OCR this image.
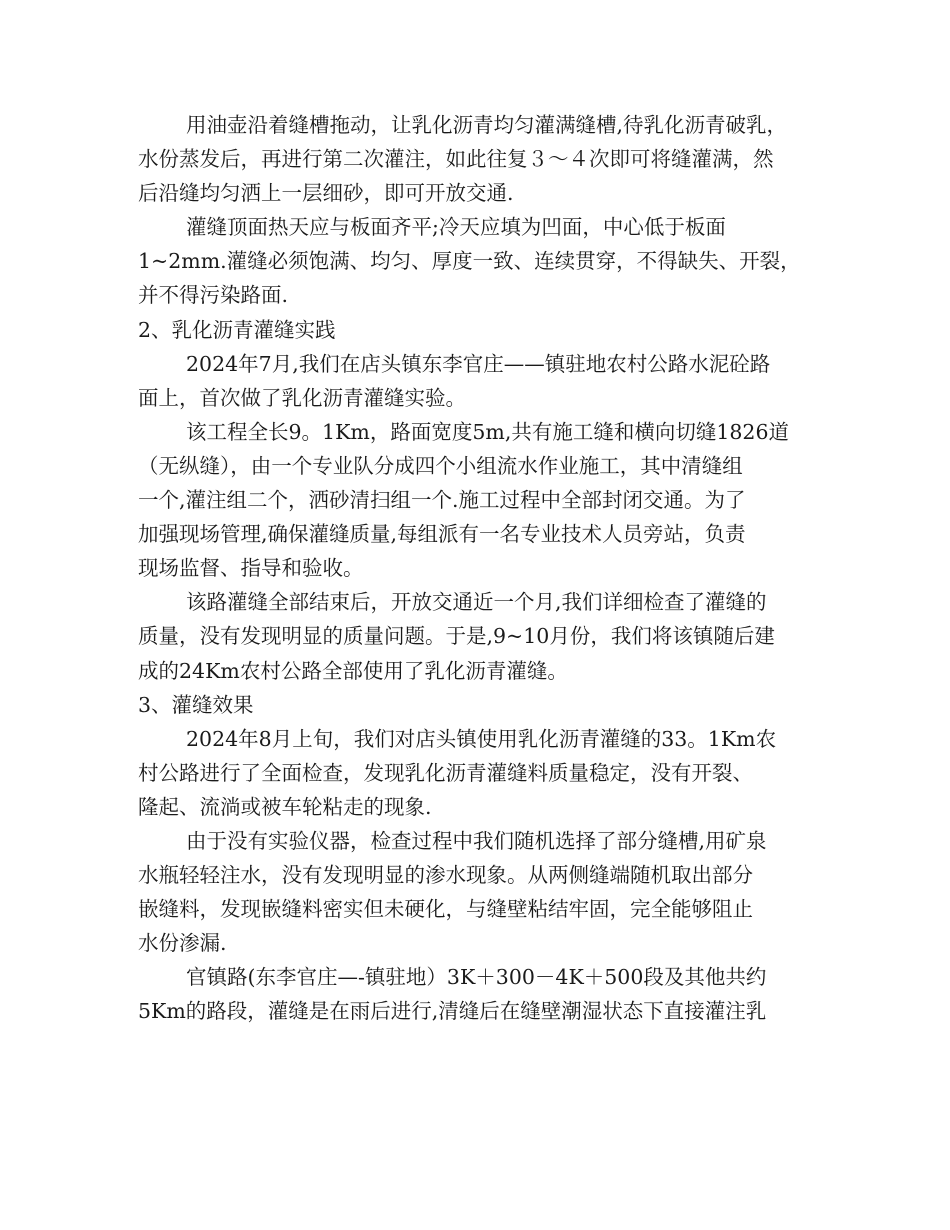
用油壶沿着缝槽拖动，让乳化沥青均匀灌满缝槽,待乳化沥青破乳，
水份蒸发后，再进行第二次灌注，如此往复３～４次即可将缝灌满，然
后沿缝均匀洒上一层细砂，即可开放交通.

灌缝顶面热天应与板面齐平;冷天应填为凹面，中心低于板面
1~2mm.灌缝必须饱满、均匀、厚度一致、连续贯穿，不得缺失、开裂，
并不得污染路面.

2、乳化沥青灌缝实践

2024年7月,我们在店头镇东李官庄——镇驻地农村公路水泥砼路
面上，首次做了乳化沥青灌缝实验。

该工程全长9。1Km，路面宽度5m,共有施工缝和横向切缝1826道
（无纵缝），由一个专业队分成四个小组流水作业施工，其中清缝组
一个,灌注组二个，洒砂清扫组一个.施工过程中全部封闭交通。为了
加强现场管理,确保灌缝质量,每组派有一名专业技术人员旁站，负责
现场监督、指导和验收。

该路灌缝全部结束后，开放交通近一个月,我们详细检查了灌缝的
质量，没有发现明显的质量问题。于是,9~10月份，我们将该镇随后建
成的24Km农村公路全部使用了乳化沥青灌缝。

3、灌缝效果

2024年8月上旬，我们对店头镇使用乳化沥青灌缝的33。1Km农
村公路进行了全面检查，发现乳化沥青灌缝料质量稳定，没有开裂、
隆起、流淌或被车轮粘走的现象.

由于没有实验仪器，检查过程中我们随机选择了部分缝槽,用矿泉
水瓶轻轻注水，没有发现明显的渗水现象。从两侧缝端随机取出部分
嵌缝料，发现嵌缝料密实但未硬化，与缝壁粘结牢固，完全能够阻止
水份渗漏.

官镇路(东李官庄—-镇驻地）3K＋300－4K＋500段及其他共约
5Km的路段，灌缝是在雨后进行,清缝后在缝壁潮湿状态下直接灌注乳
